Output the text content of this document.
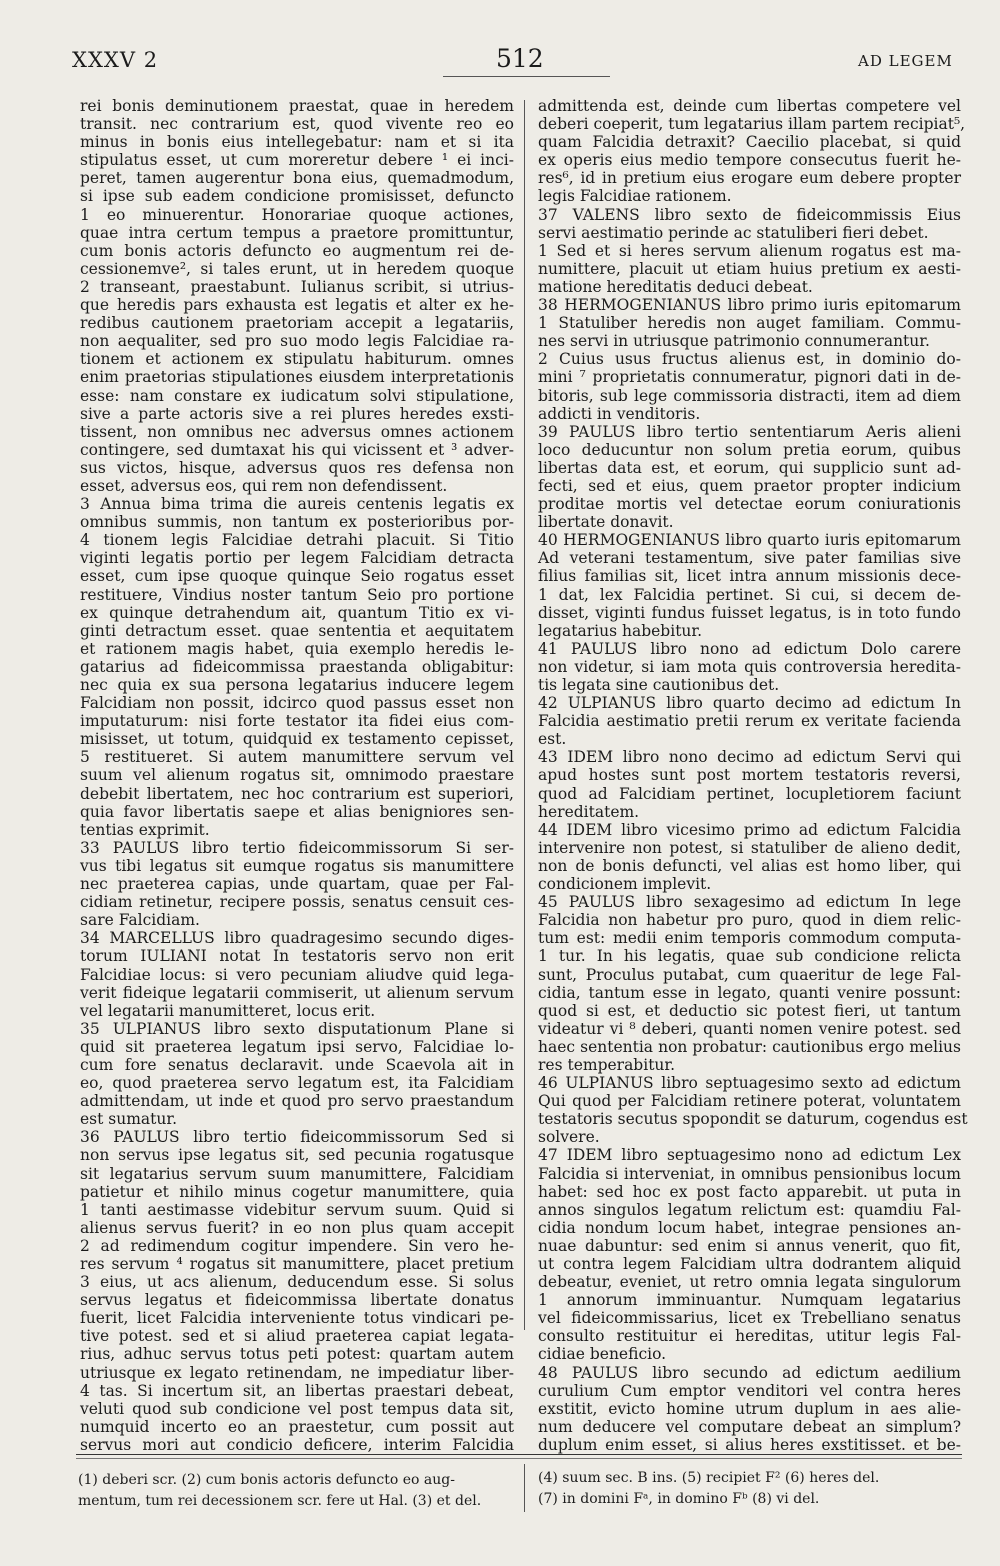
XXXV 2	512	AD LEGEM
rei bonis deminutionem praestat, quae in heredem
transit. nec contrarium est, quod vivente reo eo
minus in bonis eius intellegebatur: nam et si ita
stipulatus esset, ut cum moreretur debere ¹ ei inci-
peret, tamen augerentur bona eius, quemadmodum,
si ipse sub eadem condicione promisisset, defuncto
1 eo minuerentur. Honorariae quoque actiones,
quae intra certum tempus a praetore promittuntur,
cum bonis actoris defuncto eo augmentum rei de-
cessionemve², si tales erunt, ut in heredem quoque
2 transeant, praestabunt. Iulianus scribit, si utrius-
que heredis pars exhausta est legatis et alter ex he-
redibus cautionem praetoriam accepit a legatariis,
non aequaliter, sed pro suo modo legis Falcidiae ra-
tionem et actionem ex stipulatu habiturum. omnes
enim praetorias stipulationes eiusdem interpretationis
esse: nam constare ex iudicatum solvi stipulatione,
sive a parte actoris sive a rei plures heredes exsti-
tissent, non omnibus nec adversus omnes actionem
contingere, sed dumtaxat his qui vicissent et ³ adver-
sus victos, hisque, adversus quos res defensa non
esset, adversus eos, qui rem non defendissent.
3 Annua bima trima die aureis centenis legatis ex
omnibus summis, non tantum ex posterioribus por-
4 tionem legis Falcidiae detrahi placuit. Si Titio
viginti legatis portio per legem Falcidiam detracta
esset, cum ipse quoque quinque Seio rogatus esset
restituere, Vindius noster tantum Seio pro portione
ex quinque detrahendum ait, quantum Titio ex vi-
ginti detractum esset. quae sententia et aequitatem
et rationem magis habet, quia exemplo heredis le-
gatarius ad fideicommissa praestanda obligabitur:
nec quia ex sua persona legatarius inducere legem
Falcidiam non possit, idcirco quod passus esset non
imputaturum: nisi forte testator ita fidei eius com-
misisset, ut totum, quidquid ex testamento cepisset,
5 restitueret. Si autem manumittere servum vel
suum vel alienum rogatus sit, omnimodo praestare
debebit libertatem, nec hoc contrarium est superiori,
quia favor libertatis saepe et alias benigniores sen-
tentias exprimit.
33 PAULUS libro tertio fideicommissorum Si ser-
vus tibi legatus sit eumque rogatus sis manumittere
nec praeterea capias, unde quartam, quae per Fal-
cidiam retinetur, recipere possis, senatus censuit ces-
sare Falcidiam.
34 MARCELLUS libro quadragesimo secundo diges-
torum IULIANI notat In testatoris servo non erit
Falcidiae locus: si vero pecuniam aliudve quid lega-
verit fideique legatarii commiserit, ut alienum servum
vel legatarii manumitteret, locus erit.
35 ULPIANUS libro sexto disputationum Plane si
quid sit praeterea legatum ipsi servo, Falcidiae lo-
cum fore senatus declaravit. unde Scaevola ait in
eo, quod praeterea servo legatum est, ita Falcidiam
admittendam, ut inde et quod pro servo praestandum
est sumatur.
36 PAULUS libro tertio fideicommissorum Sed si
non servus ipse legatus sit, sed pecunia rogatusque
sit legatarius servum suum manumittere, Falcidiam
patietur et nihilo minus cogetur manumittere, quia
1 tanti aestimasse videbitur servum suum. Quid si
alienus servus fuerit? in eo non plus quam accepit
2 ad redimendum cogitur impendere. Sin vero he-
res servum ⁴ rogatus sit manumittere, placet pretium
3 eius, ut acs alienum, deducendum esse. Si solus
servus legatus et fideicommissa libertate donatus
fuerit, licet Falcidia interveniente totus vindicari pe-
tive potest. sed et si aliud praeterea capiat legata-
rius, adhuc servus totus peti potest: quartam autem
utriusque ex legato retinendam, ne impediatur liber-
4 tas. Si incertum sit, an libertas praestari debeat,
veluti quod sub condicione vel post tempus data sit,
numquid incerto eo an praestetur, cum possit aut
servus mori aut condicio deficere, interim Falcidia
admittenda est, deinde cum libertas competere vel
deberi coeperit, tum legatarius illam partem recipiat⁵,
quam Falcidia detraxit? Caecilio placebat, si quid
ex operis eius medio tempore consecutus fuerit he-
res⁶, id in pretium eius erogare eum debere propter
legis Falcidiae rationem.
37 VALENS libro sexto de fideicommissis Eius
servi aestimatio perinde ac statuliberi fieri debet.
1 Sed et si heres servum alienum rogatus est ma-
numittere, placuit ut etiam huius pretium ex aesti-
matione hereditatis deduci debeat.
38 HERMOGENIANUS libro primo iuris epitomarum
1 Statuliber heredis non auget familiam. Commu-
nes servi in utriusque patrimonio connumerantur.
2 Cuius usus fructus alienus est, in dominio do-
mini ⁷ proprietatis connumeratur, pignori dati in de-
bitoris, sub lege commissoria distracti, item ad diem
addicti in venditoris.
39 PAULUS libro tertio sententiarum Aeris alieni
loco deducuntur non solum pretia eorum, quibus
libertas data est, et eorum, qui supplicio sunt ad-
fecti, sed et eius, quem praetor propter indicium
proditae mortis vel detectae eorum coniurationis
libertate donavit.
40 HERMOGENIANUS libro quarto iuris epitomarum
Ad veterani testamentum, sive pater familias sive
filius familias sit, licet intra annum missionis dece-
1 dat, lex Falcidia pertinet. Si cui, si decem de-
disset, viginti fundus fuisset legatus, is in toto fundo
legatarius habebitur.
41 PAULUS libro nono ad edictum Dolo carere
non videtur, si iam mota quis controversia heredita-
tis legata sine cautionibus det.
42 ULPIANUS libro quarto decimo ad edictum In
Falcidia aestimatio pretii rerum ex veritate facienda
est.
43 IDEM libro nono decimo ad edictum Servi qui
apud hostes sunt post mortem testatoris reversi,
quod ad Falcidiam pertinet, locupletiorem faciunt
hereditatem.
44 IDEM libro vicesimo primo ad edictum Falcidia
intervenire non potest, si statuliber de alieno dedit,
non de bonis defuncti, vel alias est homo liber, qui
condicionem implevit.
45 PAULUS libro sexagesimo ad edictum In lege
Falcidia non habetur pro puro, quod in diem relic-
tum est: medii enim temporis commodum computa-
1 tur. In his legatis, quae sub condicione relicta
sunt, Proculus putabat, cum quaeritur de lege Fal-
cidia, tantum esse in legato, quanti venire possunt:
quod si est, et deductio sic potest fieri, ut tantum
videatur vi ⁸ deberi, quanti nomen venire potest. sed
haec sententia non probatur: cautionibus ergo melius
res temperabitur.
46 ULPIANUS libro septuagesimo sexto ad edictum
Qui quod per Falcidiam retinere poterat, voluntatem
testatoris secutus spopondit se daturum, cogendus est
solvere.
47 IDEM libro septuagesimo nono ad edictum Lex
Falcidia si interveniat, in omnibus pensionibus locum
habet: sed hoc ex post facto apparebit. ut puta in
annos singulos legatum relictum est: quamdiu Fal-
cidia nondum locum habet, integrae pensiones an-
nuae dabuntur: sed enim si annus venerit, quo fit,
ut contra legem Falcidiam ultra dodrantem aliquid
debeatur, eveniet, ut retro omnia legata singulorum
1 annorum imminuantur. Numquam legatarius
vel fideicommissarius, licet ex Trebelliano senatus
consulto restituitur ei hereditas, utitur legis Fal-
cidiae beneficio.
48 PAULUS libro secundo ad edictum aedilium
curulium Cum emptor venditori vel contra heres
exstitit, evicto homine utrum duplum in aes alie-
num deducere vel computare debeat an simplum?
duplum enim esset, si alius heres exstitisset. et be-
(1) deberi scr. (2) cum bonis actoris defuncto eo aug-
mentum, tum rei decessionem scr. fere ut Hal. (3) et del.
(4) suum sec. B ins. (5) recipiet F² (6) heres del.
(7) in domini Fᵃ, in domino Fᵇ (8) vi del.
